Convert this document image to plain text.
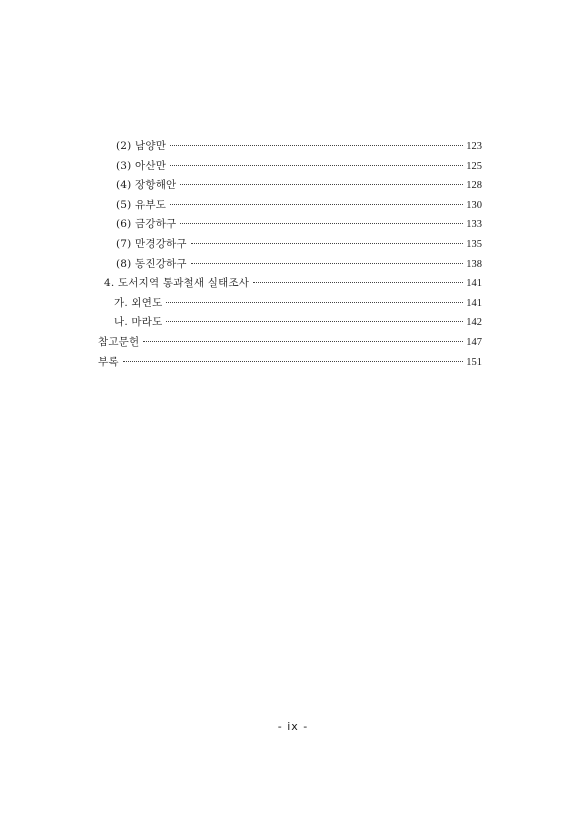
(2) 남양만	123
(3) 아산만	125
(4) 장항해안	128
(5) 유부도	130
(6) 금강하구	133
(7) 만경강하구	135
(8) 동진강하구	138
4. 도서지역 통과철새 실태조사	141
가. 외연도	141
나. 마라도	142
참고문헌	147
부록	151
- ix -
